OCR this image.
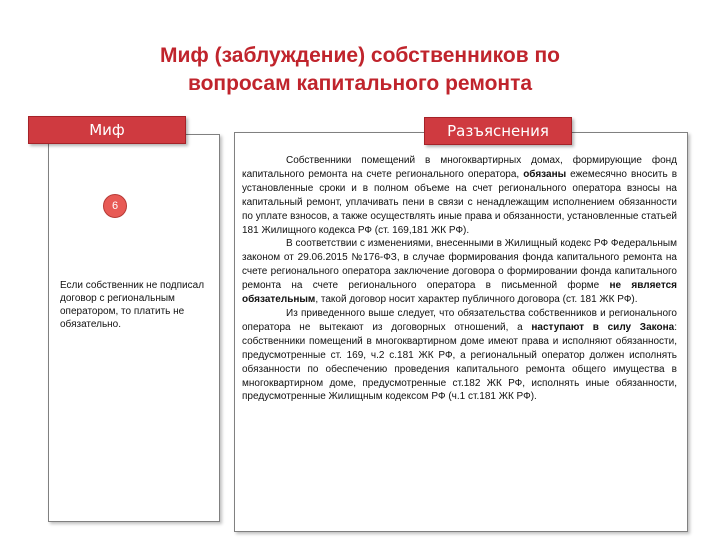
Миф (заблуждение) собственников по
вопросам капитального ремонта
Миф	Разъяснения
6
Если собственник не подписал договор с региональным оператором, то платить не обязательно.

Собственники помещений в многоквартирных домах, формирующие фонд капитального ремонта на счете регионального оператора, обязаны ежемесячно вносить в установленные сроки и в полном объеме на счет регионального оператора взносы на капитальный ремонт, уплачивать пени в связи с ненадлежащим исполнением обязанности по уплате взносов, а также осуществлять иные права и обязанности, установленные статьей 181 Жилищного кодекса РФ (ст. 169,181 ЖК РФ).

В соответствии с изменениями, внесенными в Жилищный кодекс РФ Федеральным законом от 29.06.2015 №176-ФЗ, в случае формирования фонда капитального ремонта на счете регионального оператора заключение договора о формировании фонда капитального ремонта на счете регионального оператора в письменной форме не является обязательным, такой договор носит характер публичного договора (ст. 181 ЖК РФ).

Из приведенного выше следует, что обязательства собственников и регионального оператора не вытекают из договорных отношений, а наступают в силу Закона: собственники помещений в многоквартирном доме имеют права и исполняют обязанности, предусмотренные ст. 169, ч.2 с.181 ЖК РФ, а региональный оператор должен исполнять обязанности по обеспечению проведения капитального ремонта общего имущества в многоквартирном доме, предусмотренные ст.182 ЖК РФ, исполнять иные обязанности, предусмотренные Жилищным кодексом РФ (ч.1 ст.181 ЖК РФ).
